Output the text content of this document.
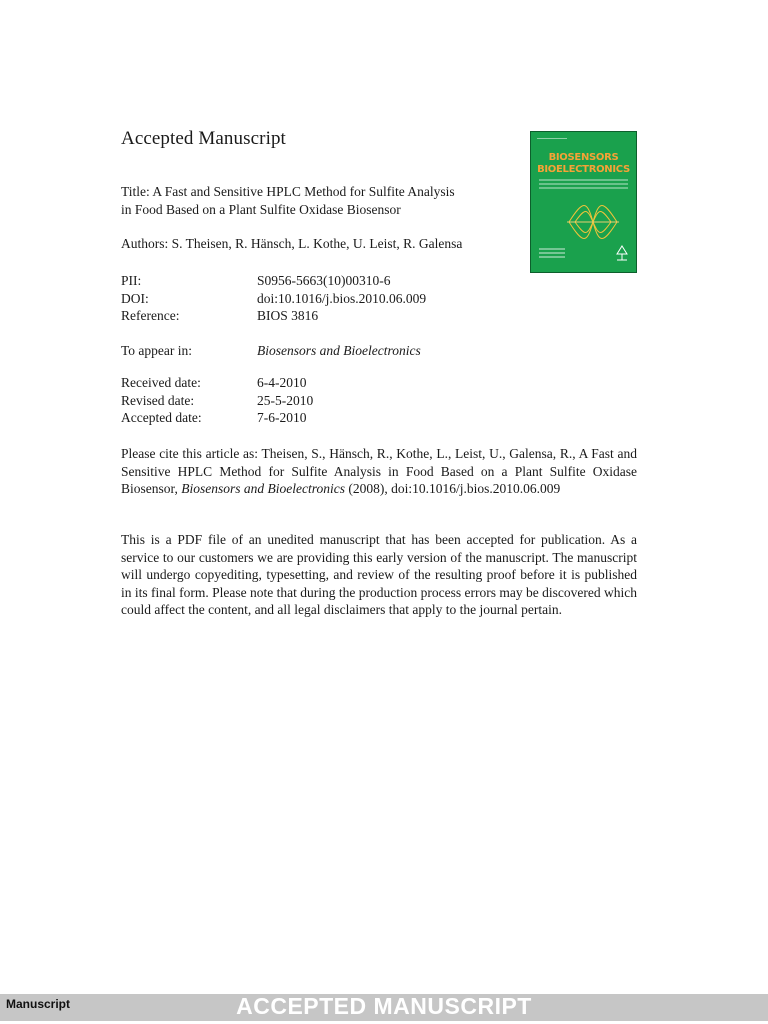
Accepted Manuscript
Title: A Fast and Sensitive HPLC Method for Sulfite Analysis
in Food Based on a Plant Sulfite Oxidase Biosensor

Authors: S. Theisen, R. Hänsch, L. Kothe, U. Leist, R. Galensa

PII:	S0956-5663(10)00310-6
DOI:	doi:10.1016/j.bios.2010.06.009
Reference:	BIOS 3816
To appear in:	Biosensors and Bioelectronics
Received date:	6-4-2010
Revised date:	25-5-2010
Accepted date:	7-6-2010

Please cite this article as: Theisen, S., Hänsch, R., Kothe, L., Leist, U., Galensa, R., A Fast and Sensitive HPLC Method for Sulfite Analysis in Food Based on a Plant Sulfite Oxidase Biosensor, Biosensors and Bioelectronics (2008), doi:10.1016/j.bios.2010.06.009

This is a PDF file of an unedited manuscript that has been accepted for publication. As a service to our customers we are providing this early version of the manuscript. The manuscript will undergo copyediting, typesetting, and review of the resulting proof before it is published in its final form. Please note that during the production process errors may be discovered which could affect the content, and all legal disclaimers that apply to the journal pertain.

BIOSENSORS
BIOELECTRONICS
Manuscript	ACCEPTED MANUSCRIPT
